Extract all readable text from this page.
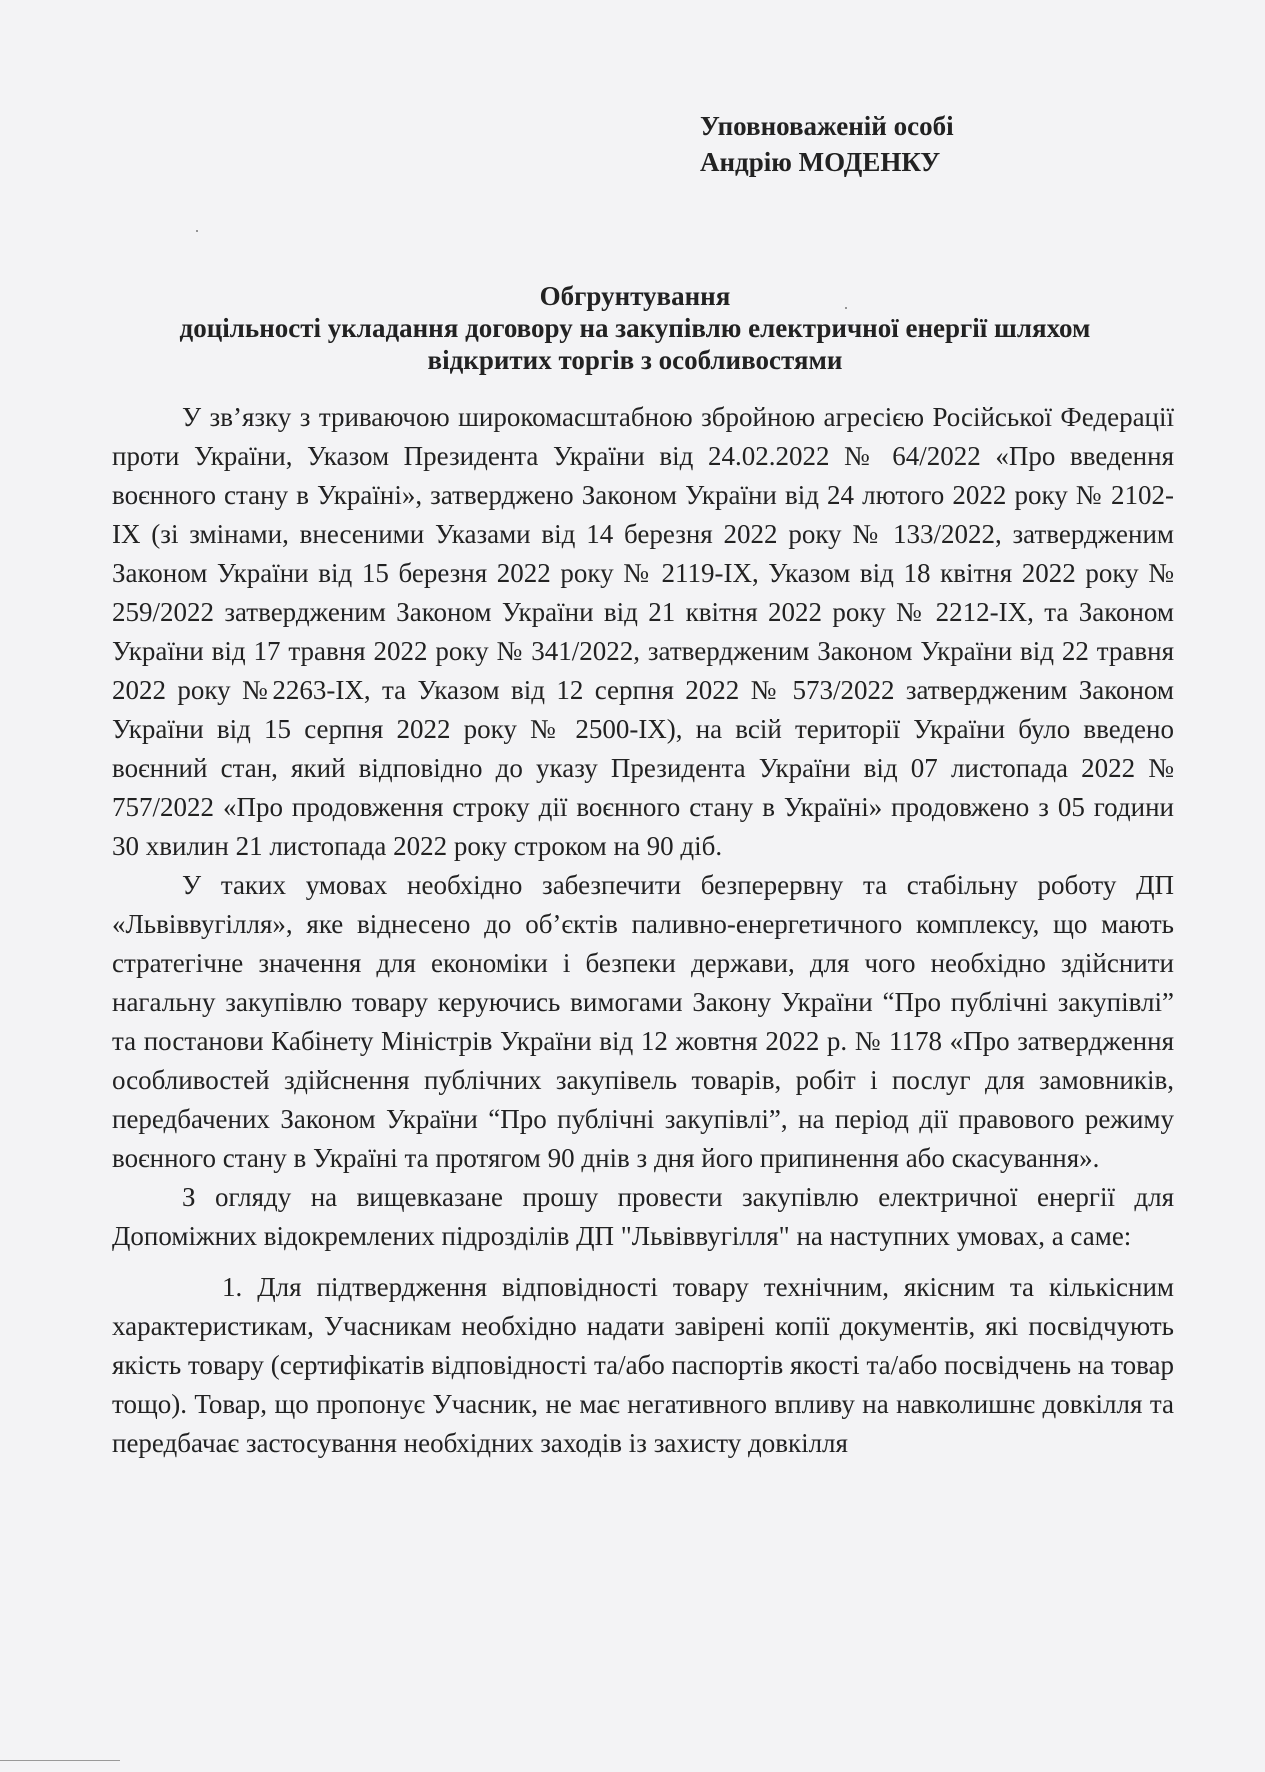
Уповноваженій особі
Андрію МОДЕНКУ
Обгрунтування
доцільності укладання договору на закупівлю електричної енергії шляхом
відкритих торгів з особливостями

У зв’язку з триваючою широкомасштабною збройною агресією Російської Федерації проти України, Указом Президента України від 24.02.2022 № 64/2022 «Про введення воєнного стану в Україні», затверджено Законом України від 24 лютого 2022 року № 2102-IX (зі змінами, внесеними Указами від 14 березня 2022 року № 133/2022, затвердженим Законом України від 15 березня 2022 року № 2119-IX, Указом від 18 квітня 2022 року № 259/2022 затвердженим Законом України від 21 квітня 2022 року № 2212-IX, та Законом України від 17 травня 2022 року № 341/2022, затвердженим Законом України від 22 травня 2022 року №2263-IX, та Указом від 12 серпня 2022 № 573/2022 затвердженим Законом України від 15 серпня 2022 року № 2500-IX), на всій території України було введено воєнний стан, який відповідно до указу Президента України від 07 листопада 2022 № 757/2022 «Про продовження строку дії воєнного стану в Україні» продовжено з 05 години 30 хвилин 21 листопада 2022 року строком на 90 діб.

У таких умовах необхідно забезпечити безперервну та стабільну роботу ДП «Львіввугілля», яке віднесено до об’єктів паливно-енергетичного комплексу, що мають стратегічне значення для економіки і безпеки держави, для чого необхідно здійснити нагальну закупівлю товару керуючись вимогами Закону України “Про публічні закупівлі” та постанови Кабінету Міністрів України від 12 жовтня 2022 р. № 1178 «Про затвердження особливостей здійснення публічних закупівель товарів, робіт і послуг для замовників, передбачених Законом України “Про публічні закупівлі”, на період дії правового режиму воєнного стану в Україні та протягом 90 днів з дня його припинення або скасування».

З огляду на вищевказане прошу провести закупівлю електричної енергії для Допоміжних відокремлених підрозділів ДП "Львіввугілля" на наступних умовах, а саме:

1. Для підтвердження відповідності товару технічним, якісним та кількісним характеристикам, Учасникам необхідно надати завірені копії документів, які посвідчують якість товару (сертифікатів відповідності та/або паспортів якості та/або посвідчень на товар тощо). Товар, що пропонує Учасник, не має негативного впливу на навколишнє довкілля та передбачає застосування необхідних заходів із захисту довкілля
